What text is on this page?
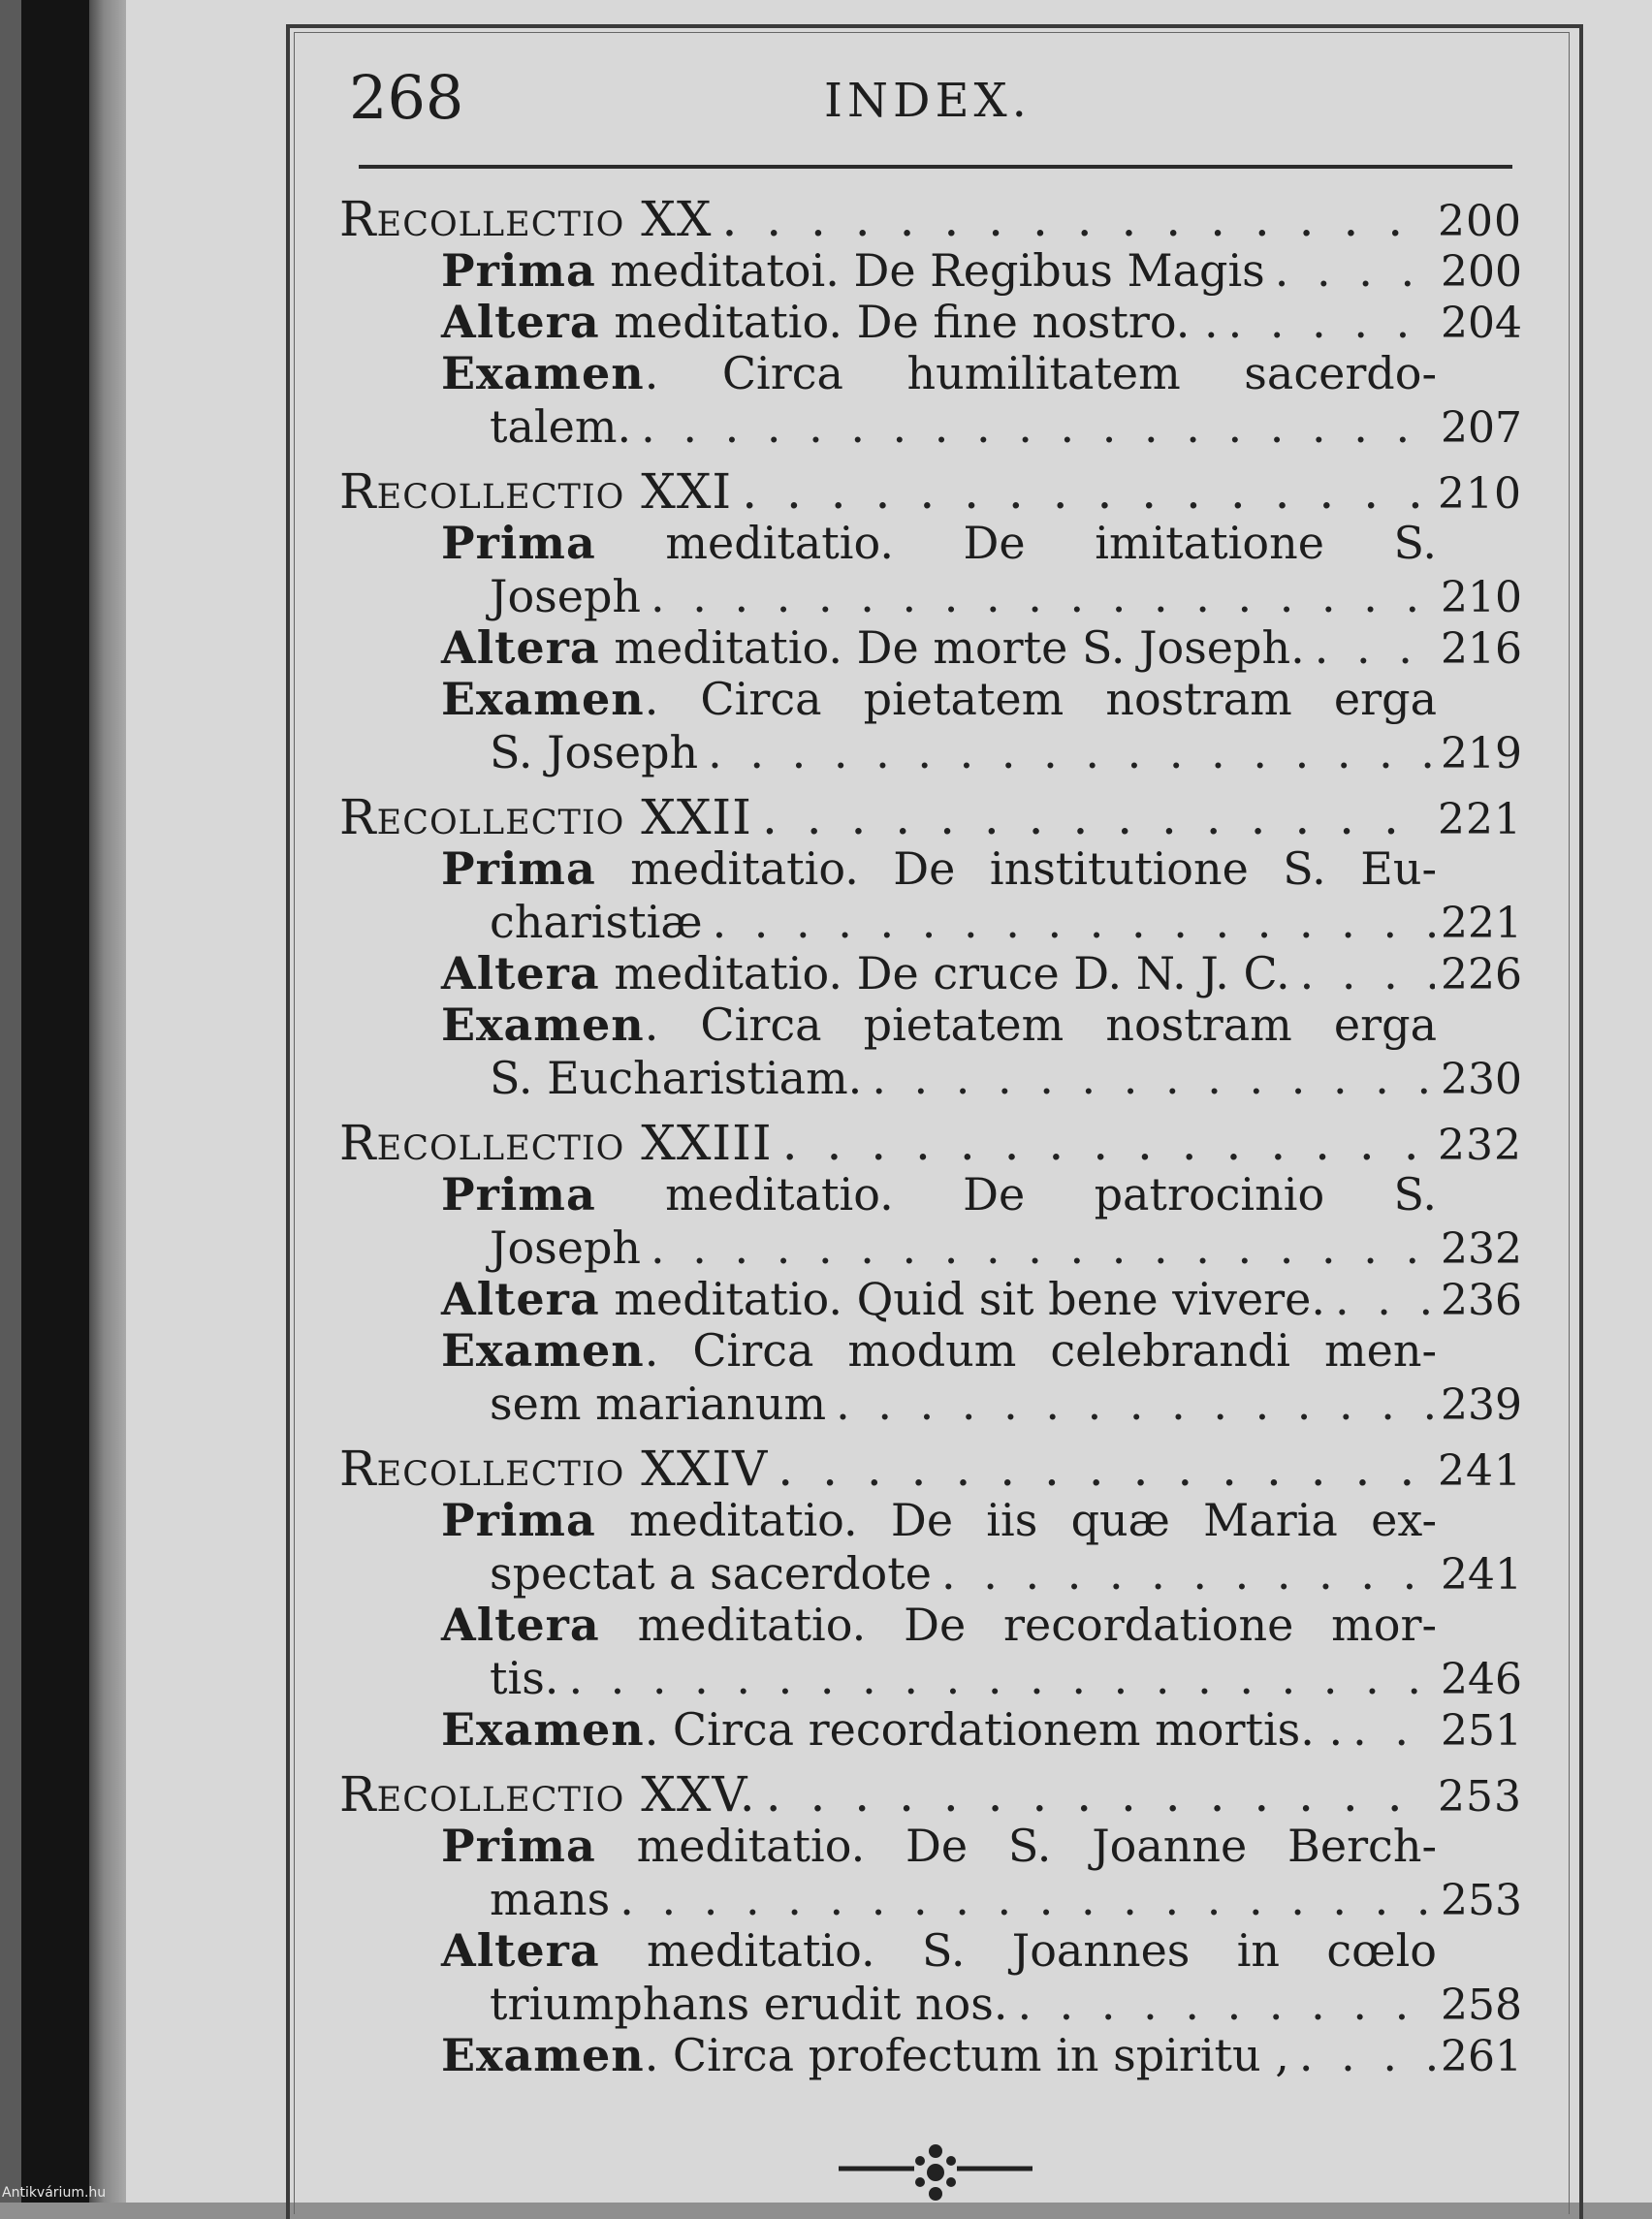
268	INDEX.
Recollectio XX . . .	200
Prima meditatoi. De Regibus Magis . . .	200
Altera meditatio. De fine nostro. . . . .	204
Examen. Circa humilitatem sacerdo-
talem. . . .	207
Recollectio XXI . . .	210
Prima meditatio. De imitatione S.
Joseph . . .	210
Altera meditatio. De morte S. Joseph. . . .	216
Examen. Circa pietatem nostram erga
S. Joseph . . .	219
Recollectio XXII . . .	221
Prima meditatio. De institutione S. Eu-
charistiæ . . .	221
Altera meditatio. De cruce D. N. J. C. . . .	226
Examen. Circa pietatem nostram erga
S. Eucharistiam. . . .	230
Recollectio XXIII . . .	232
Prima meditatio. De patrocinio S.
Joseph . . .	232
Altera meditatio. Quid sit bene vivere. . . .	236
Examen. Circa modum celebrandi men-
sem marianum . . .	239
Recollectio XXIV . . .	241
Prima meditatio. De iis quæ Maria ex-
spectat a sacerdote . . .	241
Altera meditatio. De recordatione mor-
tis. . . .	246
Examen. Circa recordationem mortis. . . . . 251
Recollectio XXV. . . .	253
Prima meditatio. De S. Joanne Berch-
mans . . .	253
Altera meditatio. S. Joannes in cœlo
triumphans erudit nos. . . .	258
Examen. Circa profectum in spiritu , . . .	261
Antikvárium.hu
